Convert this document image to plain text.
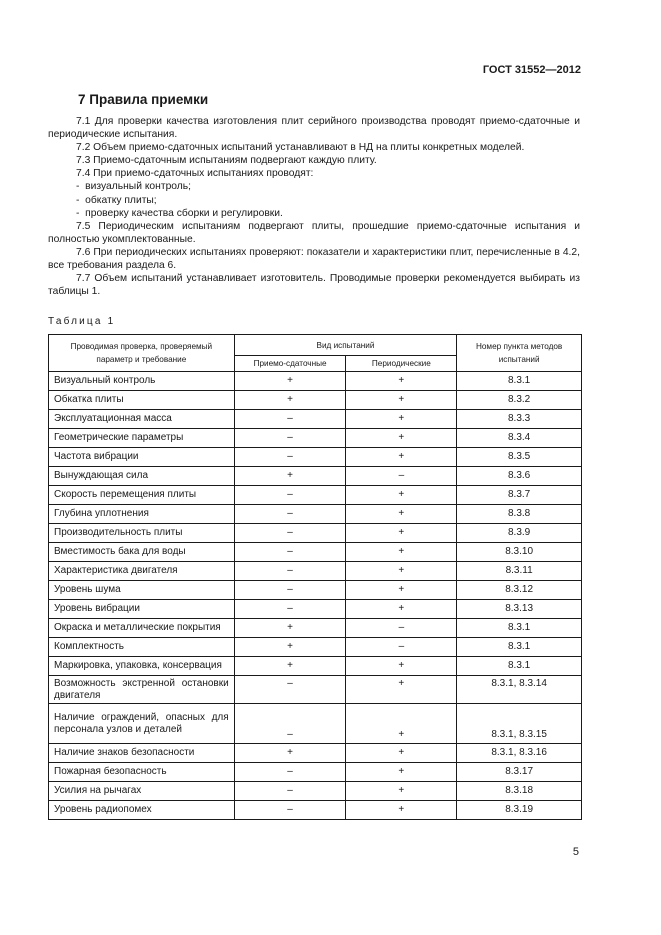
ГОСТ 31552—2012
7 Правила приемки

7.1 Для проверки качества изготовления плит серийного производства проводят приемо-сдаточные и периодические испытания.

7.2 Объем приемо-сдаточных испытаний устанавливают в НД на плиты конкретных моделей.

7.3 Приемо-сдаточным испытаниям подвергают каждую плиту.

7.4 При приемо-сдаточных испытаниях проводят:

-  визуальный контроль;

-  обкатку плиты;

-  проверку качества сборки и регулировки.

7.5 Периодическим испытаниям подвергают плиты, прошедшие приемо-сдаточные испытания и полностью укомплектованные.

7.6 При периодических испытаниях проверяют: показатели и характеристики плит, перечисленные в 4.2, все требования раздела 6.

7.7 Объем испытаний устанавливает изготовитель. Проводимые проверки рекомендуется выбирать из таблицы 1.

Таблица 1
Проводимая проверка, проверяемый параметр и требование	Вид испытаний		Номер пункта методов испытаний
	Приемо-сдаточные	Периодические	
Визуальный контроль	+	+	8.3.1
Обкатка плиты	+	+	8.3.2
Эксплуатационная масса	–	+	8.3.3
Геометрические параметры	–	+	8.3.4
Частота вибрации	–	+	8.3.5
Вынуждающая сила	+	–	8.3.6
Скорость перемещения плиты	–	+	8.3.7
Глубина уплотнения	–	+	8.3.8
Производительность плиты	–	+	8.3.9
Вместимость бака для воды	–	+	8.3.10
Характеристика двигателя	–	+	8.3.11
Уровень шума	–	+	8.3.12
Уровень вибрации	–	+	8.3.13
Окраска и металлические покрытия	+	–	8.3.1
Комплектность	+	–	8.3.1
Маркировка, упаковка, консервация	+	+	8.3.1
Возможность экстренной остановки двигателя	–	+	8.3.1, 8.3.14
Наличие ограждений, опасных для персонала узлов и деталей	–	+	8.3.1, 8.3.15
Наличие знаков безопасности	+	+	8.3.1, 8.3.16
Пожарная безопасность	–	+	8.3.17
Усилия на рычагах	–	+	8.3.18
Уровень радиопомех	–	+	8.3.19
5
